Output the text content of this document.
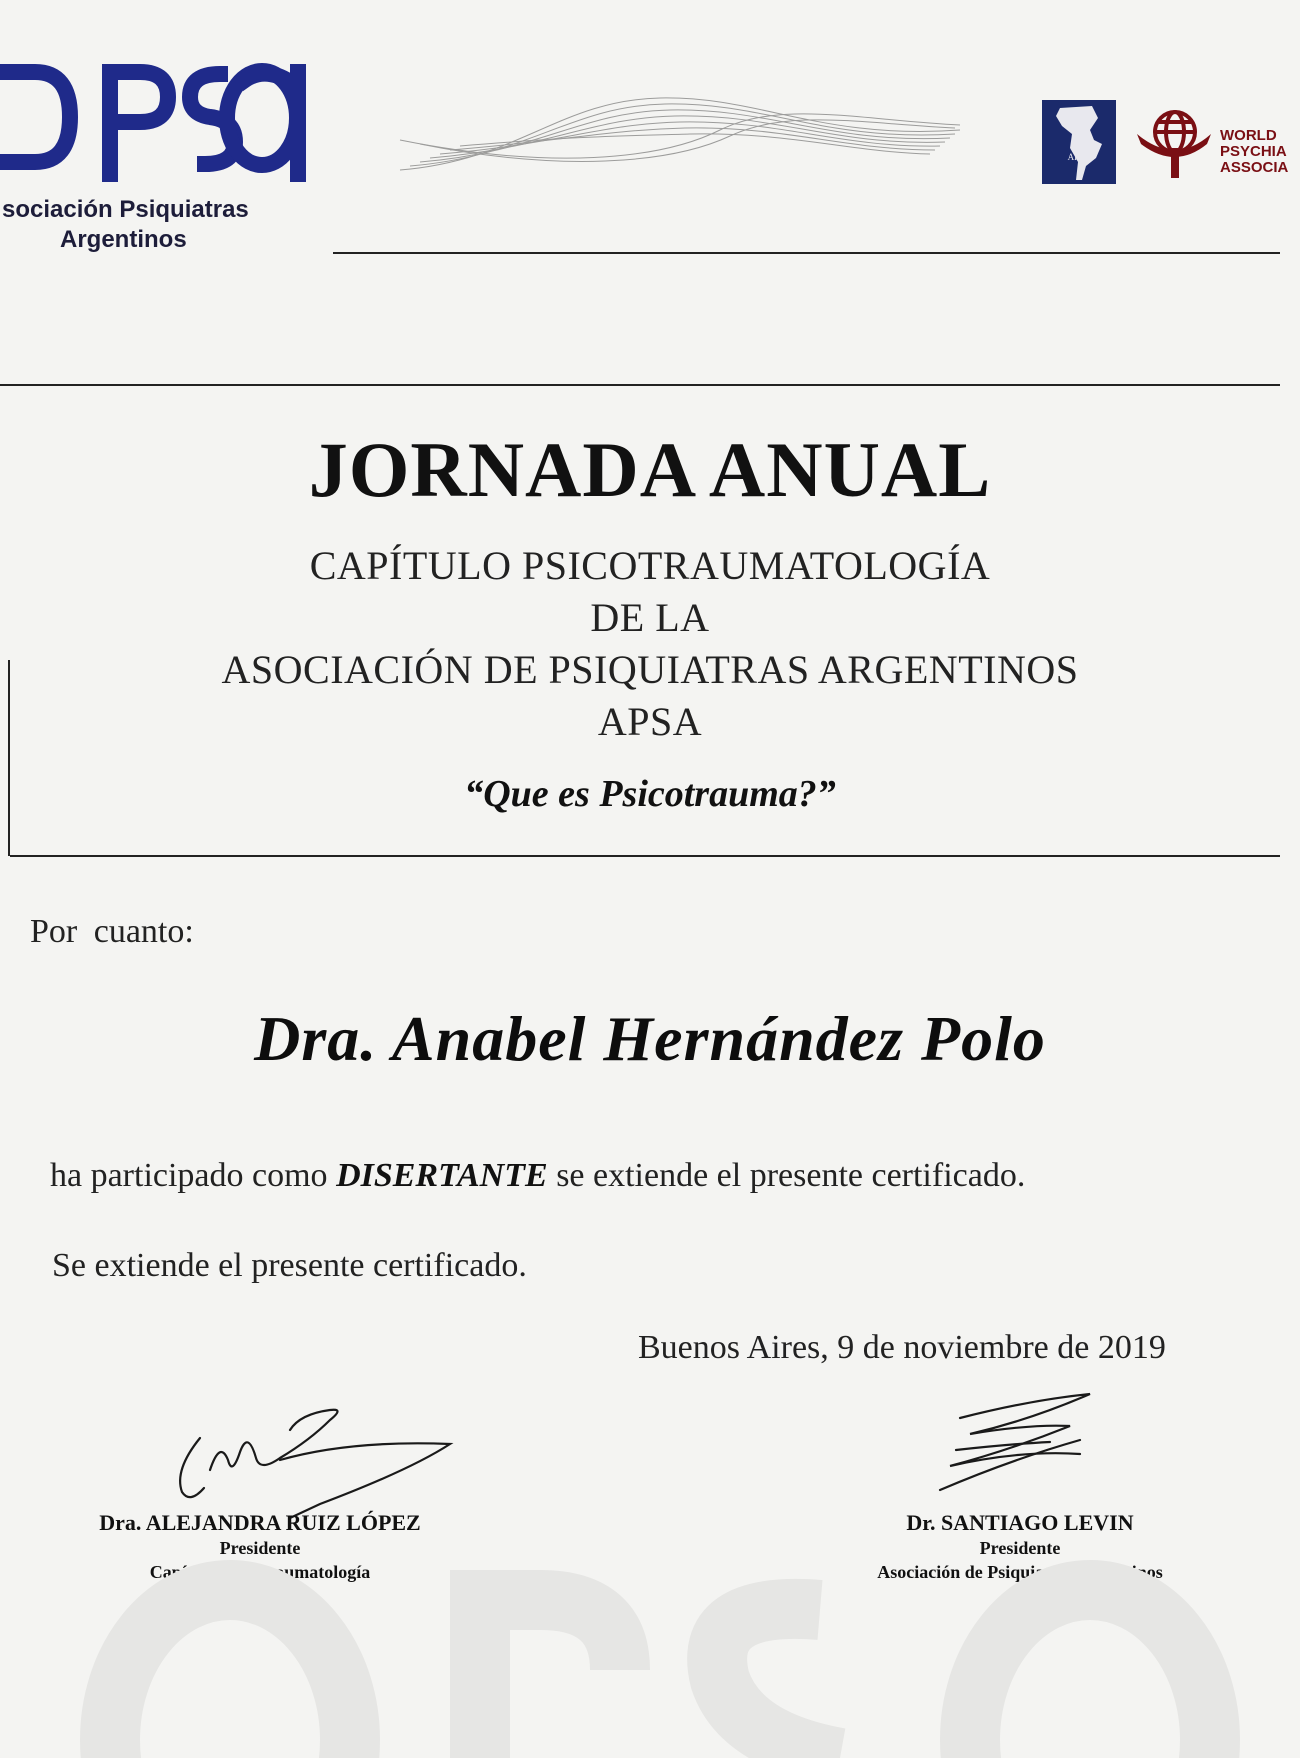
sociación Psiquiatras
Argentinos
APAL
WORLD
PSYCHIA
ASSOCIA
JORNADA ANUAL
CAPÍTULO PSICOTRAUMATOLOGÍA
DE LA
ASOCIACIÓN DE PSIQUIATRAS ARGENTINOS
APSA
“Que es Psicotrauma?”
Por cuanto:
Dra. Anabel Hernández Polo
ha participado como DISERTANTE se extiende el presente certificado.
Se extiende el presente certificado.
Buenos Aires, 9 de noviembre de 2019
Dra. ALEJANDRA RUIZ LÓPEZ
Presidente
Capítulo Psicotraumatología
Dr. SANTIAGO LEVIN
Presidente
Asociación de Psiquiatras Argentinos
